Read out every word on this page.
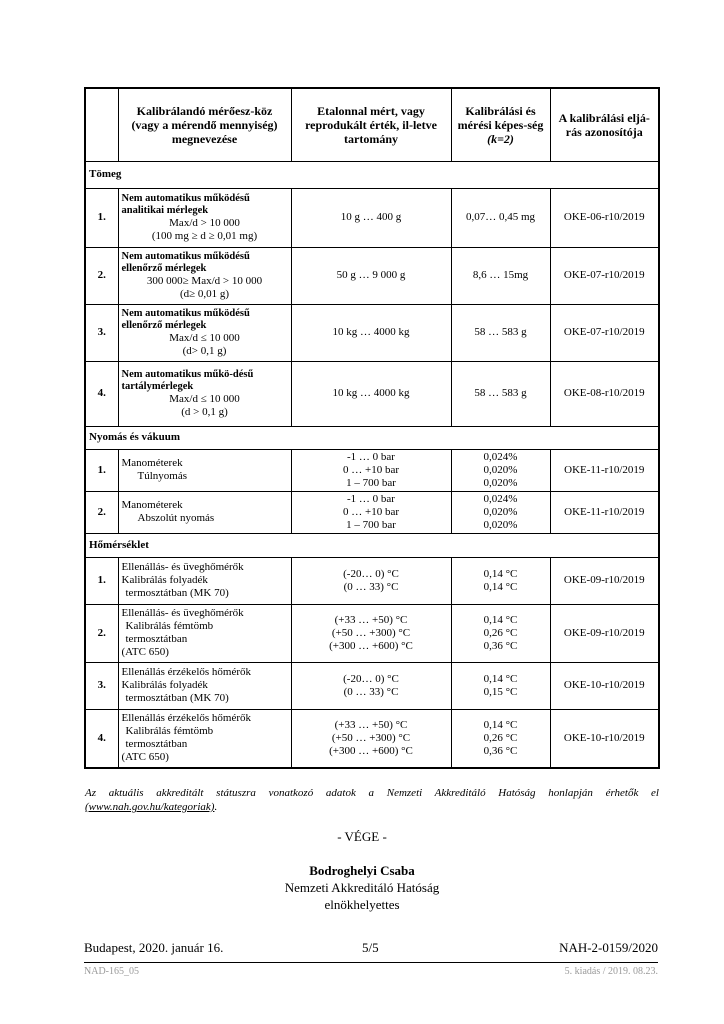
	Kalibrálandó mérőesz-köz (vagy a mérendő mennyiség) megnevezése	Etalonnal mért, vagy reprodukált érték, il-letve tartomány	Kalibrálási és mérési képes-ség
(k=2)	A kalibrálási eljá-rás azonosítója
Tömeg				
1.	Nem automatikus működésű analitikai mérlegek
Max/d > 10 000
(100 mg ≥ d ≥ 0,01 mg)	10 g … 400 g	0,07… 0,45 mg	OKE-06-r10/2019
2.	Nem automatikus működésű ellenőrző mérlegek
300 000≥ Max/d > 10 000
(d≥ 0,01 g)	50 g … 9 000 g	8,6 … 15mg	OKE-07-r10/2019
3.	Nem automatikus működésű ellenőrző mérlegek
Max/d ≤ 10 000
(d> 0,1 g)	10 kg … 4000 kg	58 … 583 g	OKE-07-r10/2019
4.	Nem automatikus műkö-désű tartálymérlegek
Max/d ≤ 10 000
(d > 0,1 g)	10 kg … 4000 kg	58 … 583 g	OKE-08-r10/2019
Nyomás és vákuum				
1.	Manométerek
Túlnyomás	-1 … 0 bar
0 … +10 bar
1 – 700 bar	0,024%
0,020%
0,020%	OKE-11-r10/2019
2.	Manométerek
Abszolút nyomás	-1 … 0 bar
0 … +10 bar
1 – 700 bar	0,024%
0,020%
0,020%	OKE-11-r10/2019
Hőmérséklet				
1.	Ellenállás- és üveghőmérők
Kalibrálás folyadék
termosztátban (MK 70)	(-20… 0) °C
(0 … 33) °C	0,14 °C
0,14 °C	OKE-09-r10/2019
2.	Ellenállás- és üveghőmérők
Kalibrálás fémtömb
termosztátban
(ATC 650)	(+33 … +50) °C
(+50 … +300) °C
(+300 … +600) °C	0,14 °C
0,26 °C
0,36 °C	OKE-09-r10/2019
3.	Ellenállás érzékelős hőmérők
Kalibrálás folyadék
termosztátban (MK 70)	(-20… 0) °C
(0 … 33) °C	0,14 °C
0,15 °C	OKE-10-r10/2019
4.	Ellenállás érzékelős hőmérők
Kalibrálás fémtömb
termosztátban
(ATC 650)	(+33 … +50) °C
(+50 … +300) °C
(+300 … +600) °C	0,14 °C
0,26 °C
0,36 °C	OKE-10-r10/2019
Az aktuális akkreditált státuszra vonatkozó adatok a Nemzeti Akkreditáló Hatóság honlapján érhetők el (www.nah.gov.hu/kategoriak).
- VÉGE -
Bodroghelyi Csaba
Nemzeti Akkreditáló Hatóság
elnökhelyettes
Budapest, 2020. január 16.	5/5	NAH-2-0159/2020
NAD-165_05	5. kiadás / 2019. 08.23.
